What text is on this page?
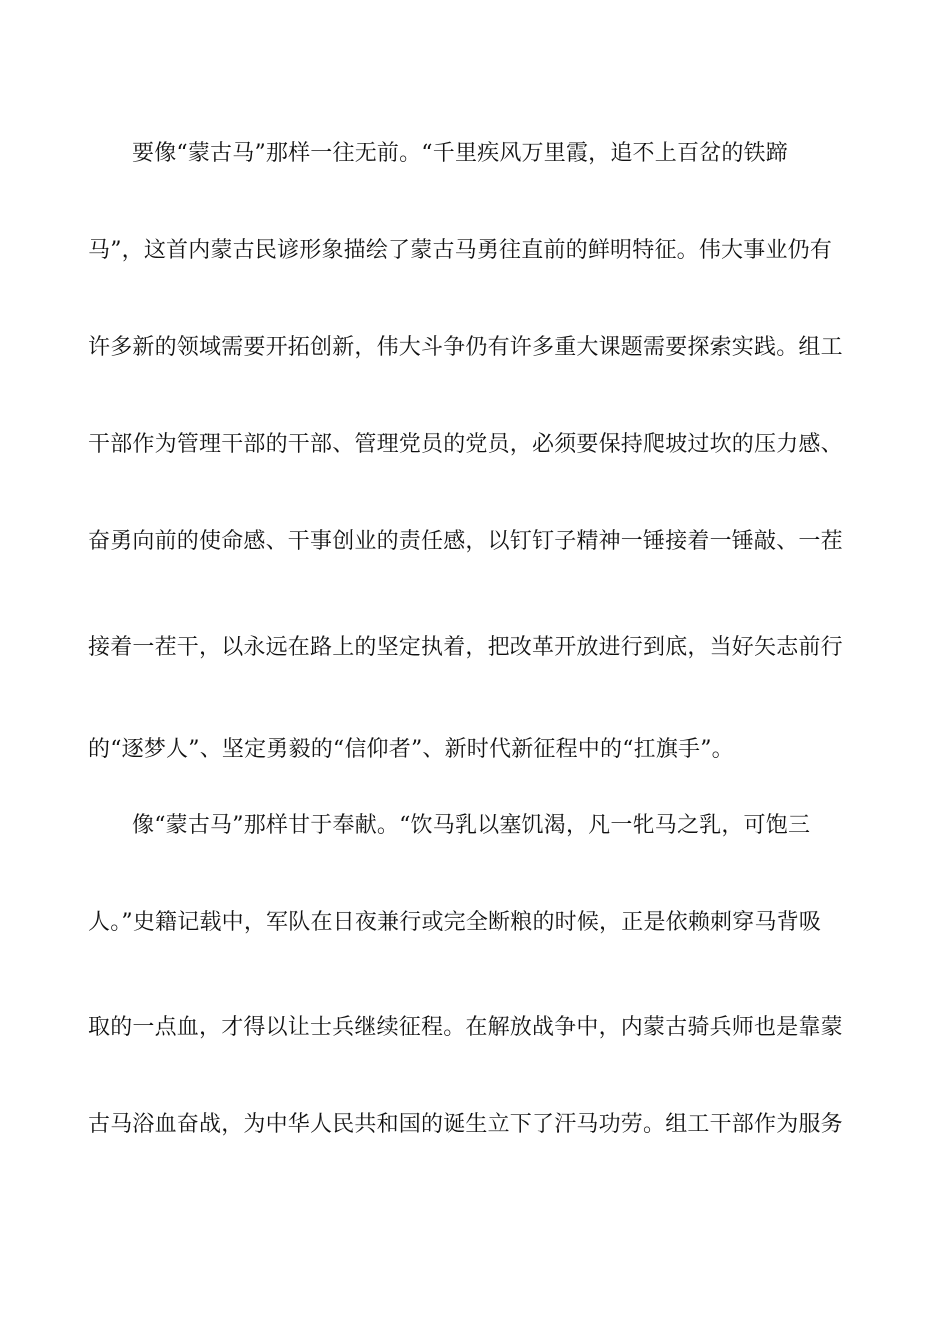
要像“蒙古马”那样一往无前。“千里疾风万里霞，追不上百岔的铁蹄
马”，这首内蒙古民谚形象描绘了蒙古马勇往直前的鲜明特征。伟大事业仍有
许多新的领域需要开拓创新，伟大斗争仍有许多重大课题需要探索实践。组工
干部作为管理干部的干部、管理党员的党员，必须要保持爬坡过坎的压力感、
奋勇向前的使命感、干事创业的责任感，以钉钉子精神一锤接着一锤敲、一茬
接着一茬干，以永远在路上的坚定执着，把改革开放进行到底，当好矢志前行
的“逐梦人”、坚定勇毅的“信仰者”、新时代新征程中的“扛旗手”。
像“蒙古马”那样甘于奉献。“饮马乳以塞饥渴，凡一牝马之乳，可饱三
人。”史籍记载中，军队在日夜兼行或完全断粮的时候，正是依赖刺穿马背吸
取的一点血，才得以让士兵继续征程。在解放战争中，内蒙古骑兵师也是靠蒙
古马浴血奋战，为中华人民共和国的诞生立下了汗马功劳。组工干部作为服务
